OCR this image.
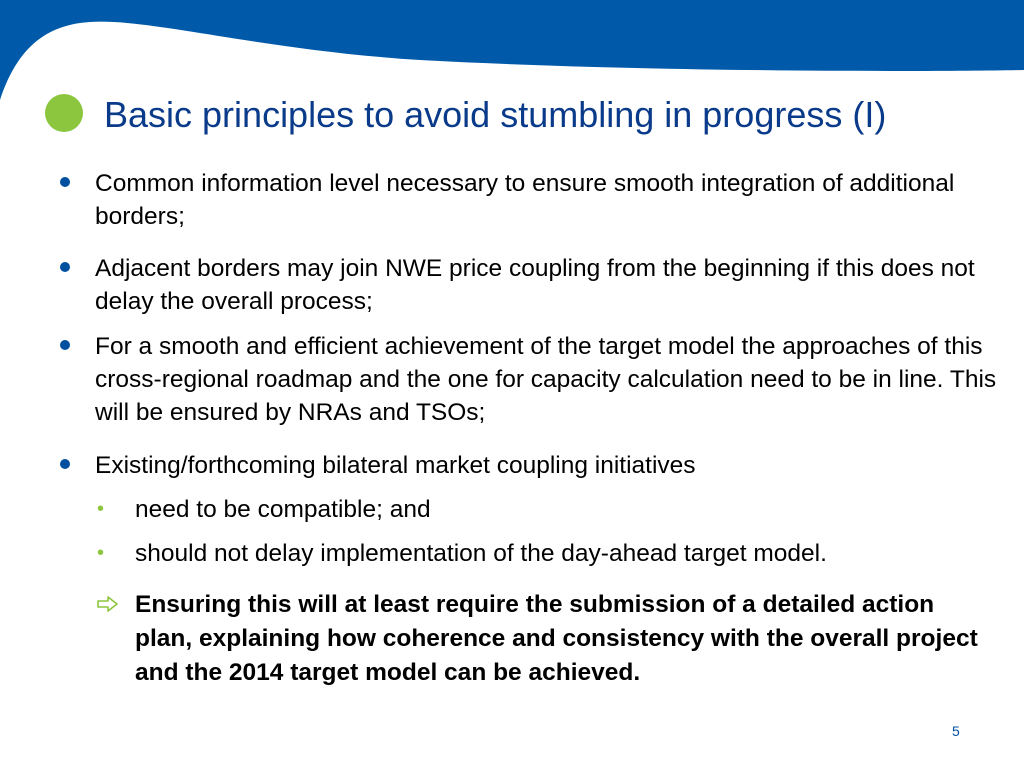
Basic principles to avoid stumbling in progress (I)

Common information level necessary to ensure smooth integration of additional borders;

Adjacent borders may join NWE price coupling from the beginning if this does not delay the overall process;

For a smooth and efficient achievement of the target model the approaches of this cross-regional roadmap and the one for capacity calculation need to be in line. This will be ensured by NRAs and TSOs;

Existing/forthcoming bilateral market coupling initiatives

• need to be compatible; and
• should not delay implementation of the day-ahead target model.

Ensuring this will at least require the submission of a detailed action plan, explaining how coherence and consistency with the overall project and the 2014 target model can be achieved.

5
